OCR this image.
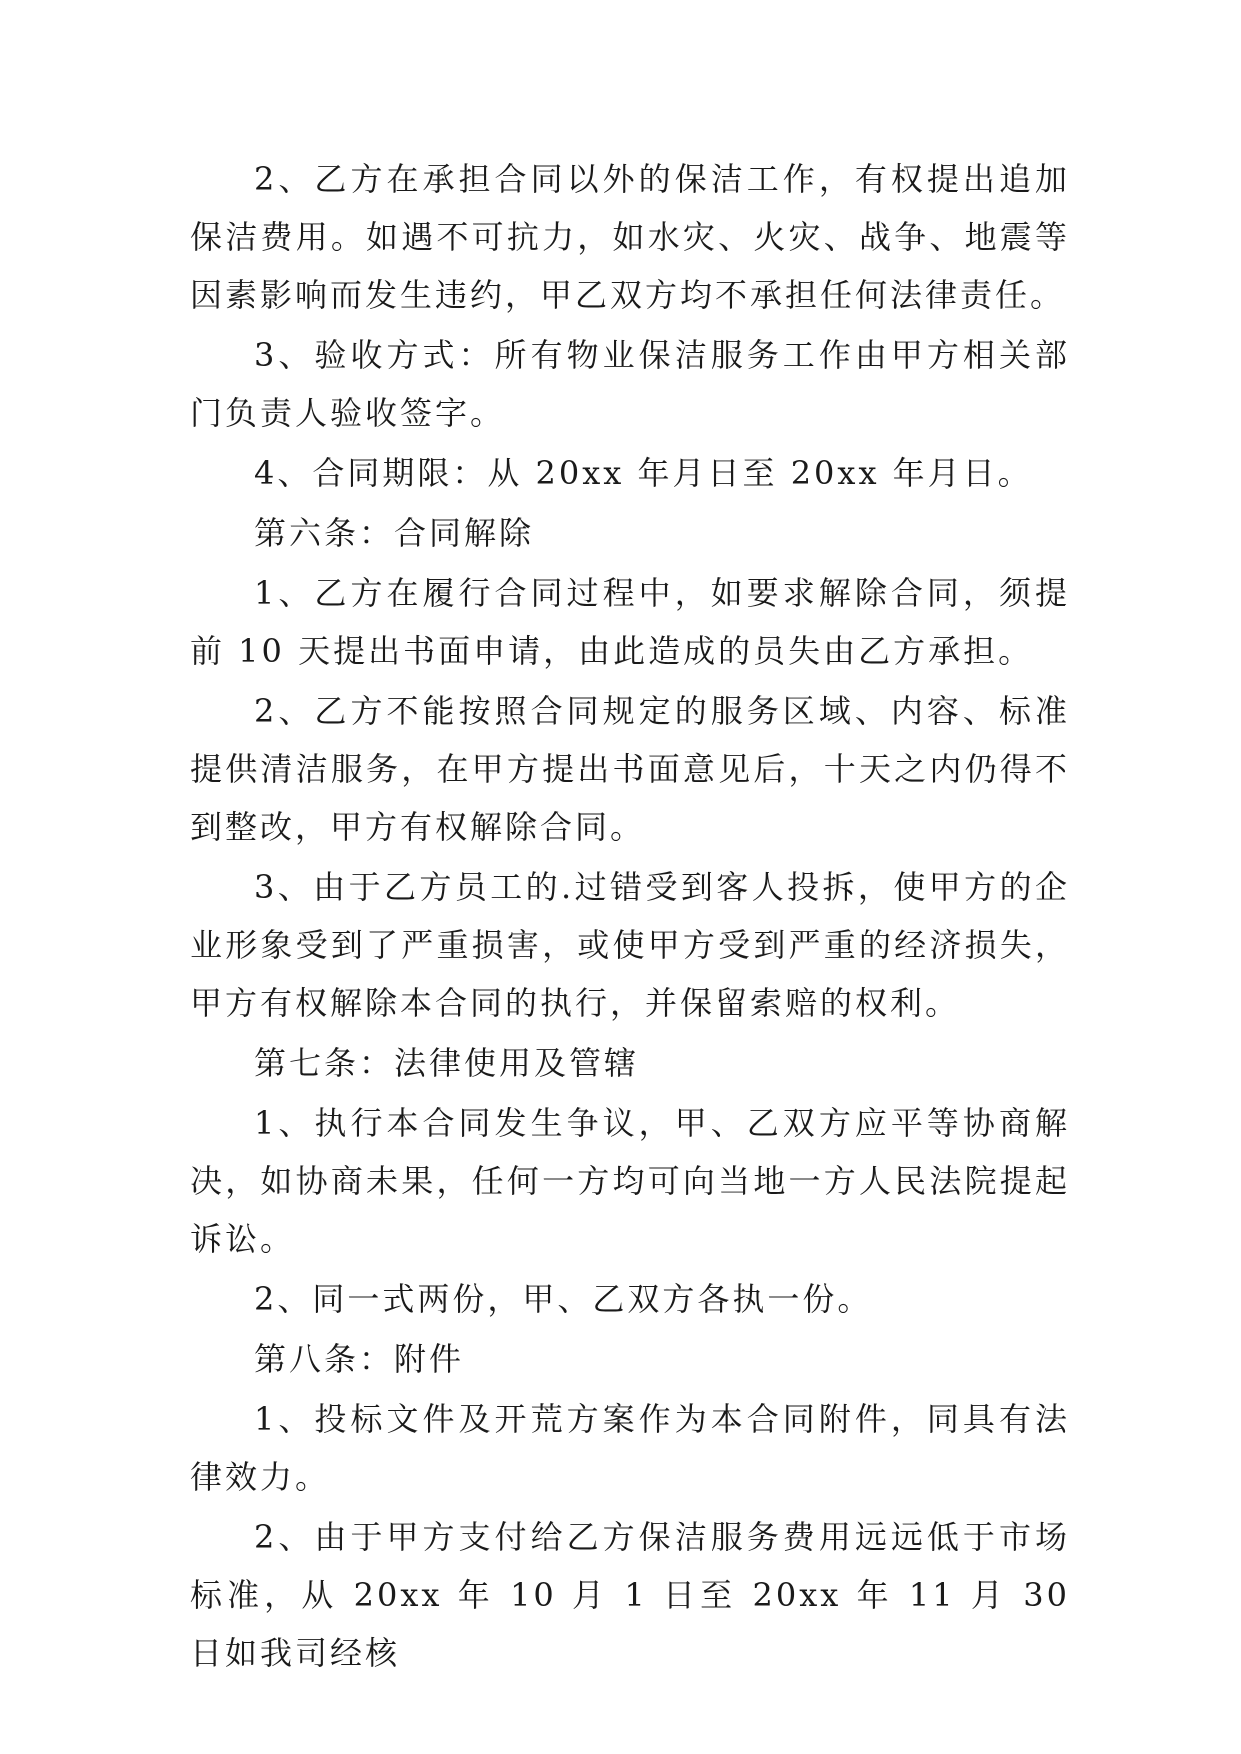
2、乙方在承担合同以外的保洁工作，有权提出追加保洁费用。如遇不可抗力，如水灾、火灾、战争、地震等因素影响而发生违约，甲乙双方均不承担任何法律责任。

3、验收方式：所有物业保洁服务工作由甲方相关部门负责人验收签字。

4、合同期限：从 20xx 年月日至 20xx 年月日。

第六条：合同解除

1、乙方在履行合同过程中，如要求解除合同，须提前 10 天提出书面申请，由此造成的员失由乙方承担。

2、乙方不能按照合同规定的服务区域、内容、标准提供清洁服务，在甲方提出书面意见后，十天之内仍得不到整改，甲方有权解除合同。

3、由于乙方员工的.过错受到客人投拆，使甲方的企业形象受到了严重损害，或使甲方受到严重的经济损失，甲方有权解除本合同的执行，并保留索赔的权利。

第七条：法律使用及管辖

1、执行本合同发生争议，甲、乙双方应平等协商解决，如协商未果，任何一方均可向当地一方人民法院提起诉讼。

2、同一式两份，甲、乙双方各执一份。

第八条：附件

1、投标文件及开荒方案作为本合同附件，同具有法律效力。

2、由于甲方支付给乙方保洁服务费用远远低于市场标准，从 20xx 年 10 月 1 日至 20xx 年 11 月 30 日如我司经核
